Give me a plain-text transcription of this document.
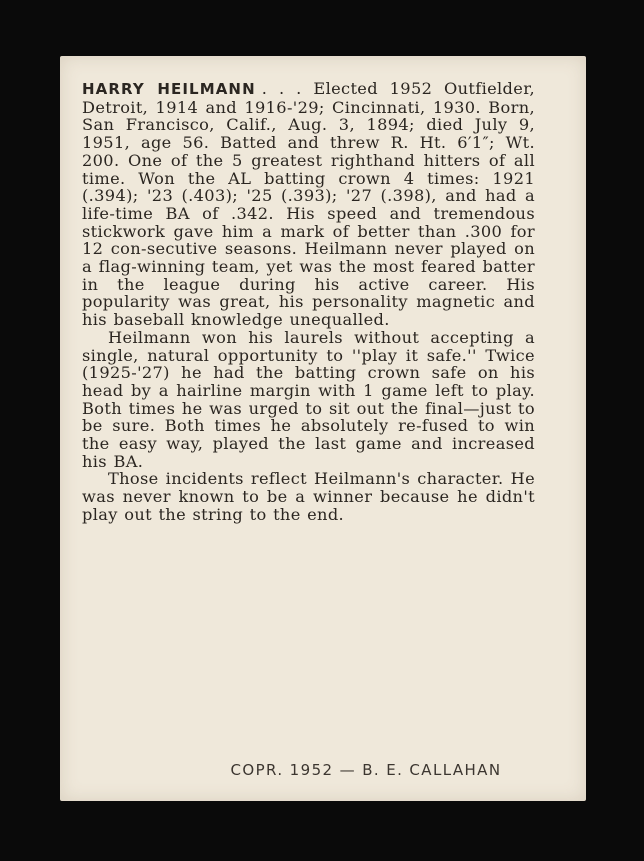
HARRY HEILMANN . . . Elected 1952 Outfielder, Detroit, 1914 and 1916-'29; Cincinnati, 1930. Born, San Francisco, Calif., Aug. 3, 1894; died July 9, 1951, age 56. Batted and threw R. Ht. 6′1″; Wt. 200. One of the 5 greatest righthand hitters of all time. Won the AL batting crown 4 times: 1921 (.394); '23 (.403); '25 (.393); '27 (.398), and had a life-time BA of .342. His speed and tremendous stickwork gave him a mark of better than .300 for 12 con-secutive seasons. Heilmann never played on a flag-winning team, yet was the most feared batter in the league during his active career. His popularity was great, his personality magnetic and his baseball knowledge unequalled.

Heilmann won his laurels without accepting a single, natural opportunity to ''play it safe.'' Twice (1925-'27) he had the batting crown safe on his head by a hairline margin with 1 game left to play. Both times he was urged to sit out the final—just to be sure. Both times he absolutely re-fused to win the easy way, played the last game and increased his BA.

Those incidents reflect Heilmann's character. He was never known to be a winner because he didn't play out the string to the end.

COPR. 1952 — B. E. CALLAHAN
